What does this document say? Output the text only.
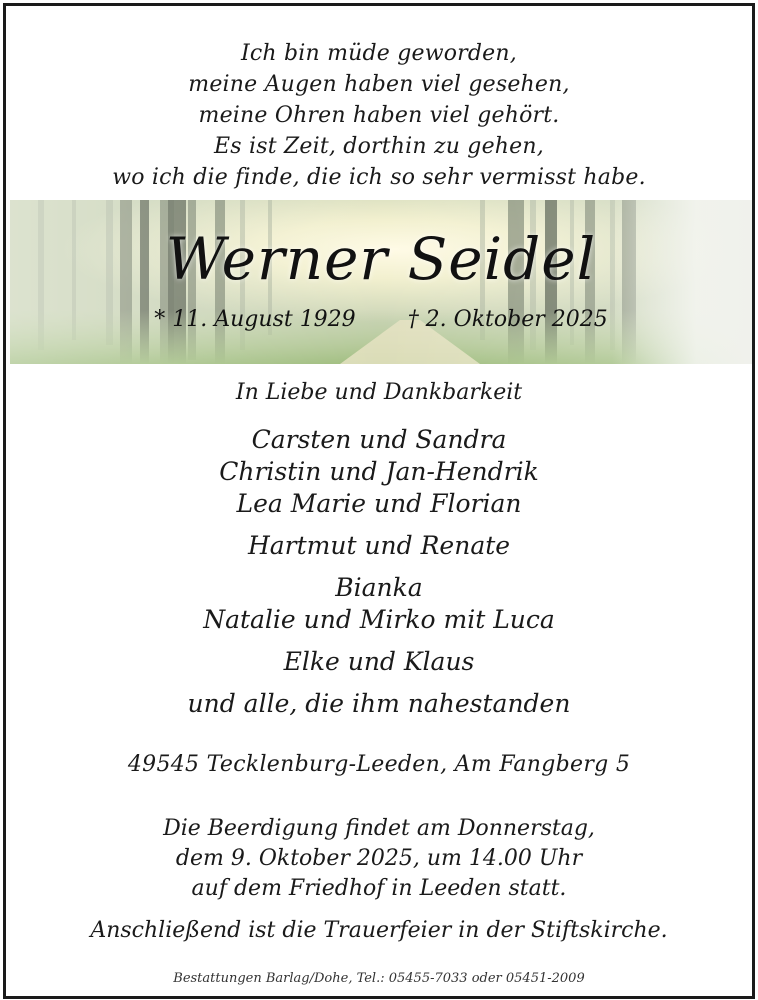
Ich bin müde geworden,
meine Augen haben viel gesehen,
meine Ohren haben viel gehört.
Es ist Zeit, dorthin zu gehen,
wo ich die finde, die ich so sehr vermisst habe.
Werner Seidel
* 11. August 1929 † 2. Oktober 2025
In Liebe und Dankbarkeit
Carsten und Sandra
Christin und Jan-Hendrik
Lea Marie und Florian
Hartmut und Renate
Bianka
Natalie und Mirko mit Luca
Elke und Klaus
und alle, die ihm nahestanden
49545 Tecklenburg-Leeden, Am Fangberg 5
Die Beerdigung findet am Donnerstag,
dem 9. Oktober 2025, um 14.00 Uhr
auf dem Friedhof in Leeden statt.
Anschließend ist die Trauerfeier in der Stiftskirche.
Bestattungen Barlag/Dohe, Tel.: 05455-7033 oder 05451-2009
